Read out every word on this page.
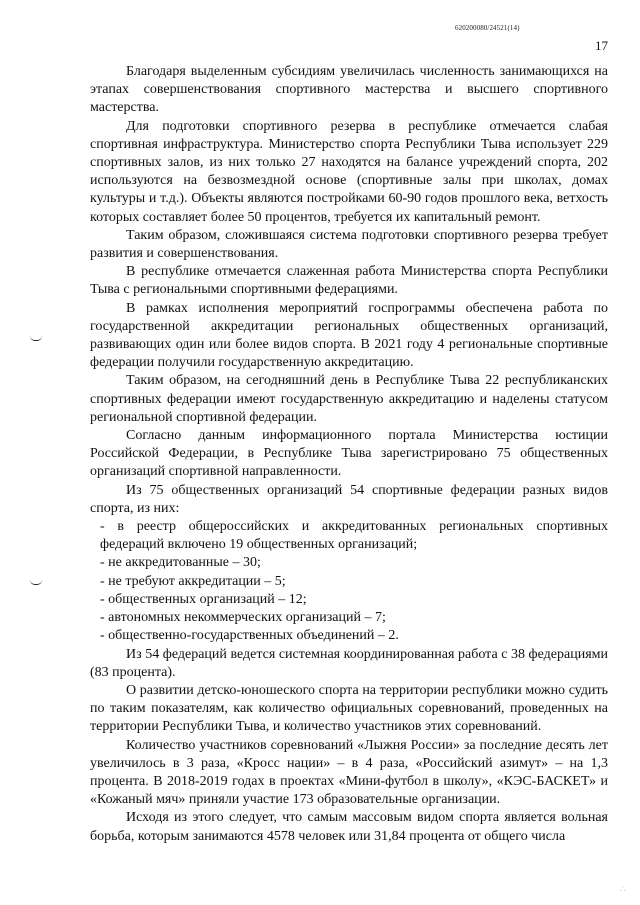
620200080/24521(14)
17

Благодаря выделенным субсидиям увеличилась численность занимающихся на этапах совершенствования спортивного мастерства и высшего спортивного мастерства.

Для подготовки спортивного резерва в республике отмечается слабая спортивная инфраструктура. Министерство спорта Республики Тыва использует 229 спортивных залов, из них только 27 находятся на балансе учреждений спорта, 202 используются на безвозмездной основе (спортивные залы при школах, домах культуры и т.д.). Объекты являются постройками 60-90 годов прошлого века, ветхость которых составляет более 50 процентов, требуется их капитальный ремонт.

Таким образом, сложившаяся система подготовки спортивного резерва требует развития и совершенствования.

В республике отмечается слаженная работа Министерства спорта Республики Тыва с региональными спортивными федерациями.

В рамках исполнения мероприятий госпрограммы обеспечена работа по государственной аккредитации региональных общественных организаций, развивающих один или более видов спорта. В 2021 году 4 региональные спортивные федерации получили государственную аккредитацию.

Таким образом, на сегодняшний день в Республике Тыва 22 республиканских спортивных федерации имеют государственную аккредитацию и наделены статусом региональной спортивной федерации.

Согласно данным информационного портала Министерства юстиции Российской Федерации, в Республике Тыва зарегистрировано 75 общественных организаций спортивной направленности.

Из 75 общественных организаций 54 спортивные федерации разных видов спорта, из них:

- в реестр общероссийских и аккредитованных региональных спортивных федераций включено 19 общественных организаций;

- не аккредитованные – 30;

- не требуют аккредитации – 5;

- общественных организаций – 12;

- автономных некоммерческих организаций – 7;

- общественно-государственных объединений – 2.

Из 54 федераций ведется системная координированная работа с 38 федерациями (83 процента).

О развитии детско-юношеского спорта на территории республики можно судить по таким показателям, как количество официальных соревнований, проведенных на территории Республики Тыва, и количество участников этих соревнований.

Количество участников соревнований «Лыжня России» за последние десять лет увеличилось в 3 раза, «Кросс нации» – в 4 раза, «Российский азимут» – на 1,3 процента. В 2018-2019 годах в проектах «Мини-футбол в школу», «КЭС-БАСКЕТ» и «Кожаный мяч» приняли участие 173 образовательные организации.

Исходя из этого следует, что самым массовым видом спорта является вольная борьба, которым занимаются 4578 человек или 31,84 процента от общего числа

∴
